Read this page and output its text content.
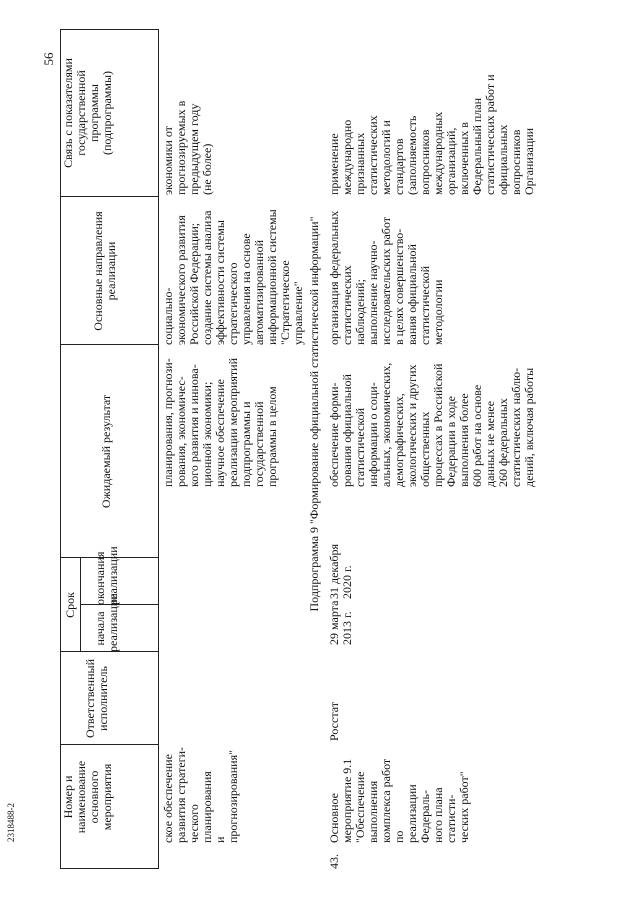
56
Номер и
наименование
основного
мероприятия
Ответственный
исполнитель
Срок
начала
реализации
окончания
реализации
Ожидаемый результат
Основные направления
реализации
Связь с показателями
государственной
программы
(подпрограммы)
ское обеспечение
развития стратеги-
ческого планирования
и прогнозирования"
планирования, прогнози-
рования, экономичес-
кого развития и иннова-
ционной экономики;
научное обеспечение
реализации мероприятий
подпрограммы и
государственной
программы в целом
социально-
экономического развития
Российской Федерации;
создание системы анализа
эффективности системы
стратегического
управления на основе
автоматизированной
информационной системы
"Стратегическое
управление"
экономики от
прогнозируемых в
предыдущем году
(не более)
Подпрограмма 9 "Формирование официальной статистической информации"
43.
Основное
мероприятие 9.1
"Обеспечение
выполнения
комплекса работ по
реализации Федераль-
ного плана статисти-
ческих работ"
Росстат
29 марта
2013 г.
31 декабря
2020 г.
обеспечение форми-
рования официальной
статистической
информации о соци-
альных, экономических,
демографических,
экологических и других
общественных
процессах в Российской
Федерации в ходе
выполнения более
600 работ на основе
данных не менее
260 федеральных
статистических наблю-
дений, включая работы
организация федеральных
статистических
наблюдений;
выполнение научно-
исследовательских работ
в целях совершенство-
вания официальной
статистической
методологии
применение
международно
признанных
статистических
методологий и
стандартов
(заполняемость
вопросников
международных
организаций,
включенных в
Федеральный план
статистических работ и
официальных
вопросников
Организации
2318488-2
